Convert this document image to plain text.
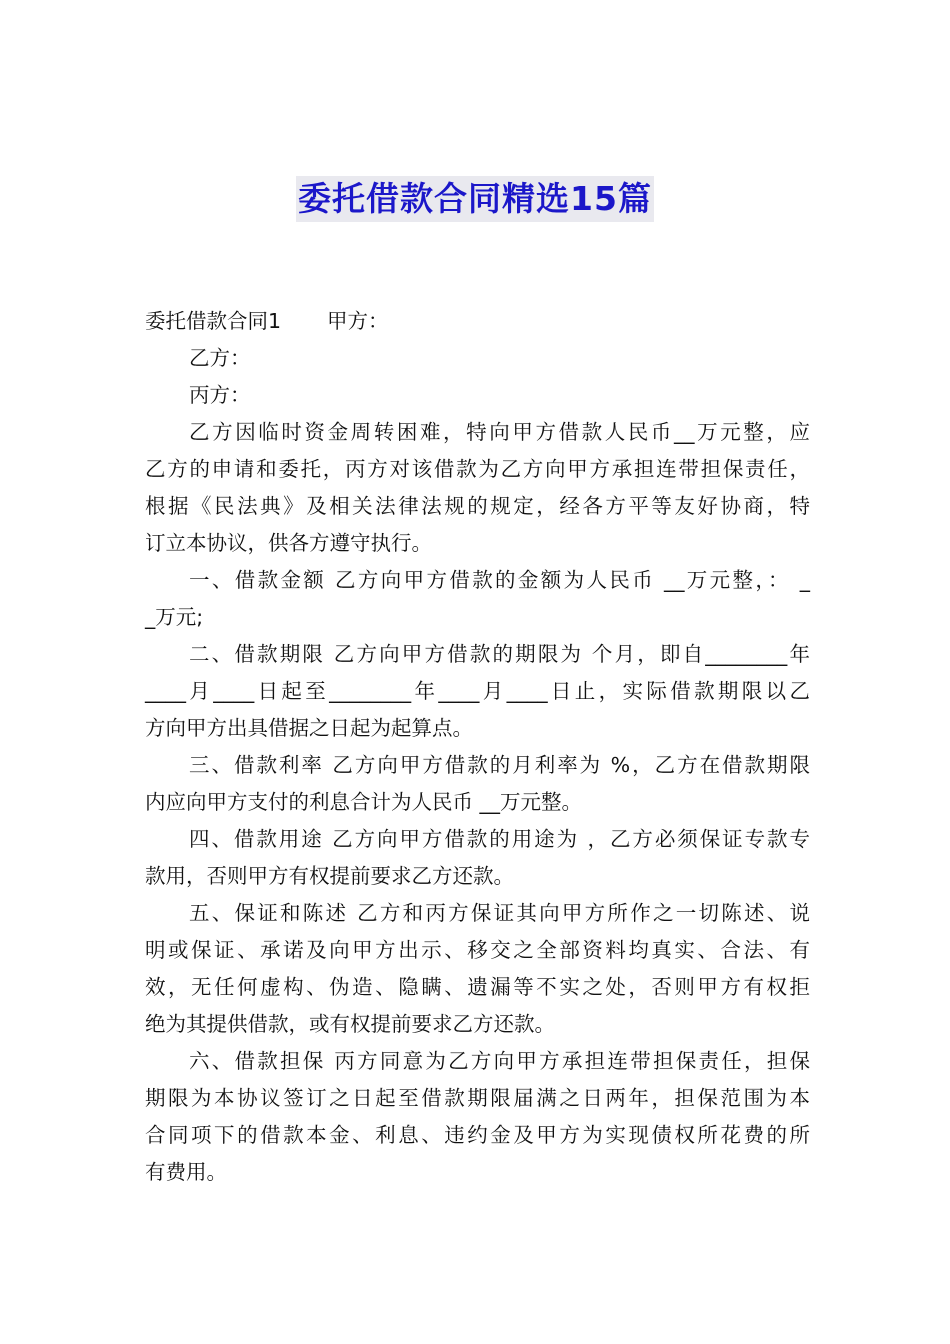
委托借款合同精选15篇
委托借款合同1 甲方：
乙方：
丙方：
乙方因临时资金周转困难，特向甲方借款人民币__万元整，应
乙方的申请和委托，丙方对该借款为乙方向甲方承担连带担保责任，
根据《民法典》及相关法律法规的规定，经各方平等友好协商，特
订立本协议，供各方遵守执行。
一、借款金额 乙方向甲方借款的金额为人民币 __万元整，： _
_万元;
二、借款期限 乙方向甲方借款的期限为 个月，即自________年
____月____日起至________年____月____日止，实际借款期限以乙
方向甲方出具借据之日起为起算点。
三、借款利率 乙方向甲方借款的月利率为 %，乙方在借款期限
内应向甲方支付的利息合计为人民币 __万元整。
四、借款用途 乙方向甲方借款的用途为 ，乙方必须保证专款专
款用，否则甲方有权提前要求乙方还款。
五、保证和陈述 乙方和丙方保证其向甲方所作之一切陈述、说
明或保证、承诺及向甲方出示、移交之全部资料均真实、合法、有
效，无任何虚构、伪造、隐瞒、遗漏等不实之处，否则甲方有权拒
绝为其提供借款，或有权提前要求乙方还款。
六、借款担保 丙方同意为乙方向甲方承担连带担保责任，担保
期限为本协议签订之日起至借款期限届满之日两年，担保范围为本
合同项下的借款本金、利息、违约金及甲方为实现债权所花费的所
有费用。
